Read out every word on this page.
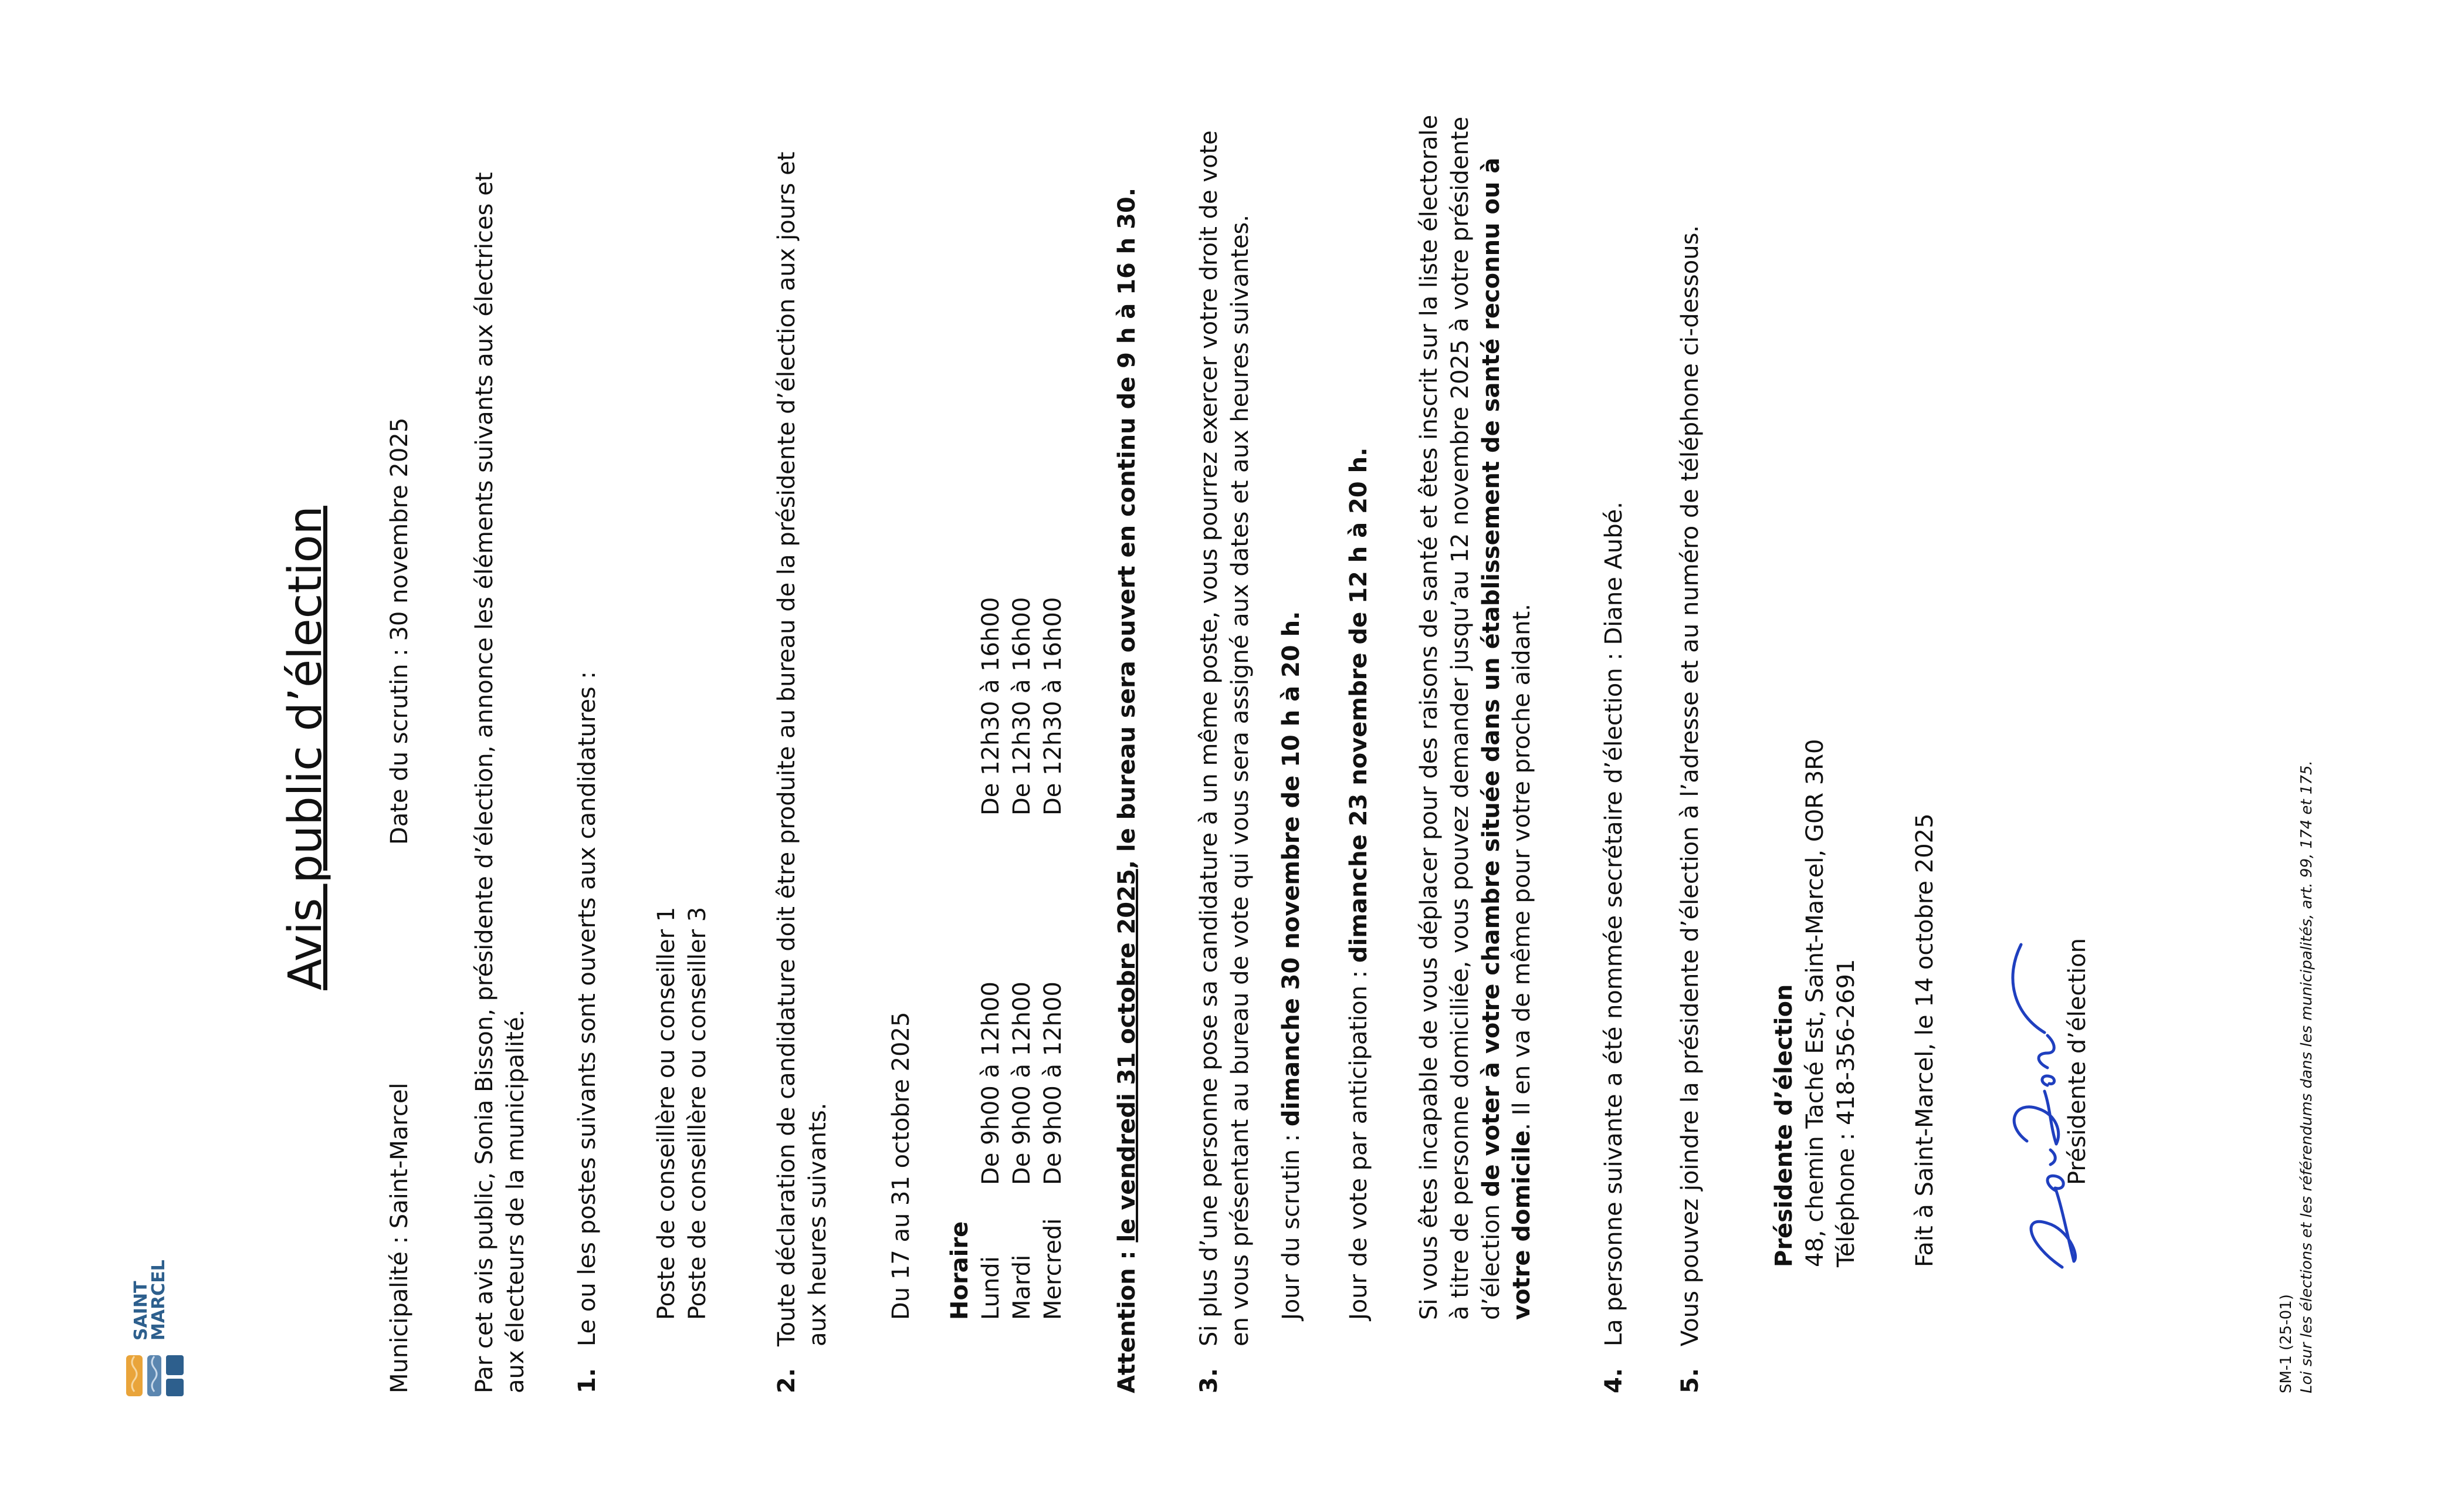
SAINT
MARCEL
Avis public d’élection
Municipalité : Saint-Marcel
Date du scrutin : 30 novembre 2025 Par cet avis public, Sonia Bisson, présidente d’élection, annonce les éléments suivants aux électrices et aux électeurs de la municipalité. 1.
Le ou les postes suivants sont ouverts aux candidatures : Poste de conseillère ou conseiller 1 Poste de conseillère ou conseiller 3
2.
Toute déclaration de candidature doit être produite au bureau de la présidente d’élection aux jours et aux heures suivants. Du 17 au 31 octobre 2025 Horaire Lundi	De 9h00 à 12h00	De 12h30 à 16h00
Mardi	De 9h00 à 12h00	De 12h30 à 16h00
Mercredi	De 9h00 à 12h00	De 12h30 à 16h00
Attention : le vendredi 31 octobre 2025, le bureau sera ouvert en continu de 9 h à 16 h 30.
3.
Si plus d’une personne pose sa candidature à un même poste, vous pourrez exercer votre droit de vote en vous présentant au bureau de vote qui vous sera assigné aux dates et aux heures suivantes. Jour du scrutin : dimanche 30 novembre de 10 h à 20 h.
Jour de vote par anticipation : dimanche 23 novembre de 12 h à 20 h. Si vous êtes incapable de vous déplacer pour des raisons de santé et êtes inscrit sur la liste électorale à titre de personne domiciliée, vous pouvez demander jusqu’au 12 novembre 2025 à votre présidente d’élection de voter à votre chambre située dans un établissement de santé reconnu ou à votre domicile. Il en va de même pour votre proche aidant.
4.
La personne suivante a été nommée secrétaire d’élection : Diane Aubé.
5.
Vous pouvez joindre la présidente d’élection à l’adresse et au numéro de téléphone ci-dessous.	Présidente d’élection 48, chemin Taché Est, Saint-Marcel, G0R 3R0 Téléphone : 418-356-2691 Fait à Saint-Marcel, le 14 octobre 2025	Présidente d’élection
SM-1 (25-01) Loi sur les élections et les référendums dans les municipalités, art. 99, 174 et 175.
